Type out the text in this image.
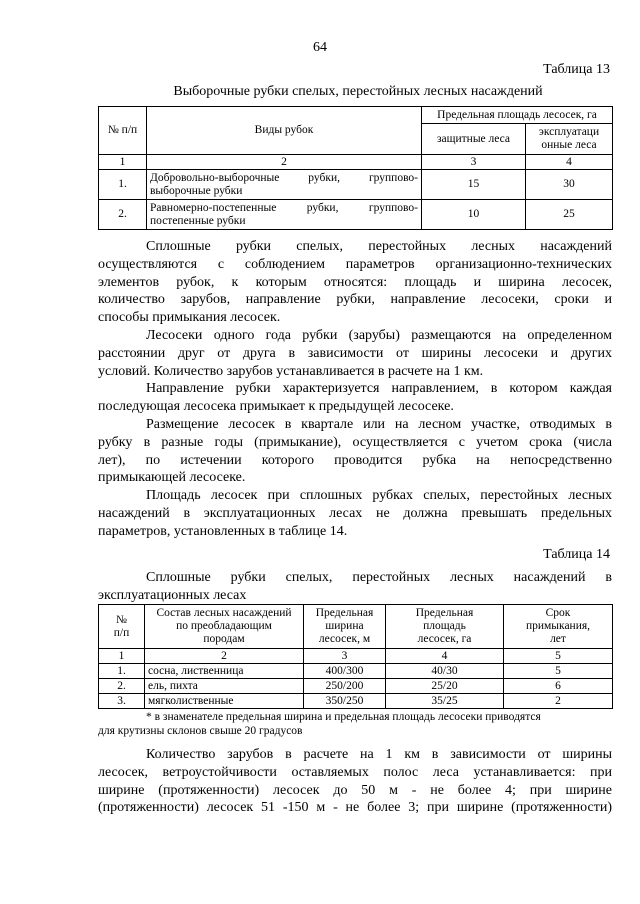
64
Таблица 13
Выборочные рубки спелых, перестойных лесных насаждений
№ п/п	Виды рубок	Предельная площадь лесосек, га	
		защитные леса	эксплуатаци
онные леса

1	2	3	4
1.	Добровольно-выборочные рубки, группово-
выборочные рубки	15	30
2.	Равномерно-постепенные рубки, группово-
постепенные рубки	10	25

Сплошные рубки спелых, перестойных лесных насаждений
осуществляются с соблюдением параметров организационно-технических
элементов рубок, к которым относятся: площадь и ширина лесосек,
количество зарубов, направление рубки, направление лесосеки, сроки и
способы примыкания лесосек.

Лесосеки одного года рубки (зарубы) размещаются на определенном
расстоянии друг от друга в зависимости от ширины лесосеки и других
условий. Количество зарубов устанавливается в расчете на 1 км.

Направление рубки характеризуется направлением, в котором каждая
последующая лесосека примыкает к предыдущей лесосеке.

Размещение лесосек в квартале или на лесном участке, отводимых в
рубку в разные годы (примыкание), осуществляется с учетом срока (числа
лет), по истечении которого проводится рубка на непосредственно
примыкающей лесосеке.

Площадь лесосек при сплошных рубках спелых, перестойных лесных
насаждений в эксплуатационных лесах не должна превышать предельных
параметров, установленных в таблице 14.

Таблица 14

Сплошные рубки спелых, перестойных лесных насаждений в
эксплуатационных лесах

№
п/п	Состав лесных насаждений
по преобладающим
породам	Предельная
ширина
лесосек, м	Предельная
площадь
лесосек, га	Срок
примыкания,
лет

1	2	3	4	5
1.	сосна, лиственница	400/300	40/30	5
2.	ель, пихта	250/200	25/20	6
3.	мягколиственные	350/250	35/25	2

* в знаменателе предельная ширина и предельная площадь лесосеки приводятся
для крутизны склонов свыше 20 градусов

Количество зарубов в расчете на 1 км в зависимости от ширины
лесосек, ветроустойчивости оставляемых полос леса устанавливается: при
ширине (протяженности) лесосек до 50 м - не более 4; при ширине
(протяженности) лесосек 51 -150 м - не более 3; при ширине (протяженности)
